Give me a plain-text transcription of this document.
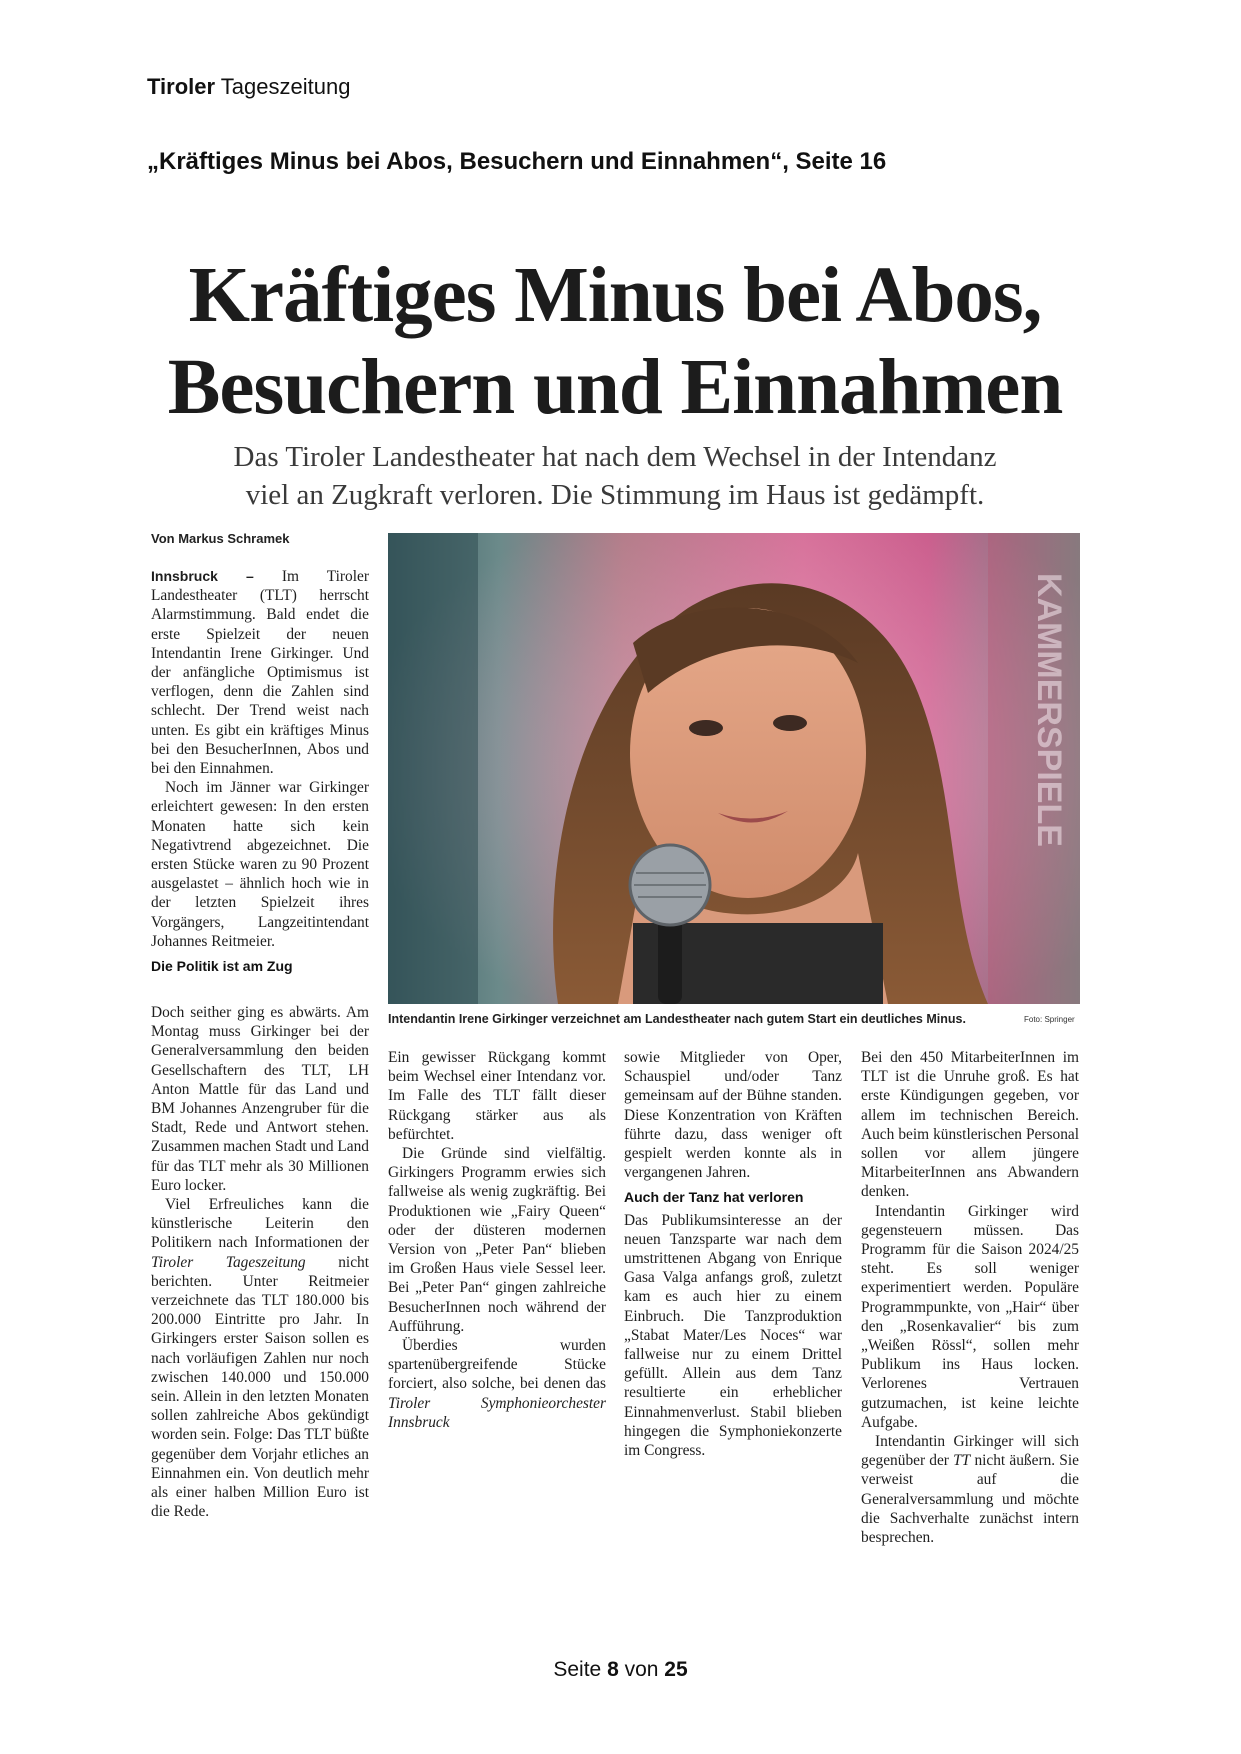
Tiroler Tageszeitung
„Kräftiges Minus bei Abos, Besuchern und Einnahmen“, Seite 16
Kräftiges Minus bei Abos,
Besuchern und Einnahmen
Das Tiroler Landestheater hat nach dem Wechsel in der Intendanz
viel an Zugkraft verloren. Die Stimmung im Haus ist gedämpft.
Von Markus Schramek

Innsbruck – Im Tiroler Landestheater (TLT) herrscht Alarmstimmung. Bald endet die erste Spielzeit der neuen Intendantin Irene Girkinger. Und der anfängliche Optimismus ist verflogen, denn die Zahlen sind schlecht. Der Trend weist nach unten. Es gibt ein kräftiges Minus bei den BesucherInnen, Abos und bei den Einnahmen.

Noch im Jänner war Girkinger erleichtert gewesen: In den ersten Monaten hatte sich kein Negativtrend abgezeichnet. Die ersten Stücke waren zu 90 Prozent ausgelastet – ähnlich hoch wie in der letzten Spielzeit ihres Vorgängers, Langzeitintendant Johannes Reitmeier.

Die Politik ist am Zug

Doch seither ging es abwärts. Am Montag muss Girkinger bei der Generalversammlung den beiden Gesellschaftern des TLT, LH Anton Mattle für das Land und BM Johannes Anzengruber für die Stadt, Rede und Antwort stehen. Zusammen machen Stadt und Land für das TLT mehr als 30 Millionen Euro locker.

Viel Erfreuliches kann die künstlerische Leiterin den Politikern nach Informationen der Tiroler Tageszeitung nicht berichten. Unter Reitmeier verzeichnete das TLT 180.000 bis 200.000 Eintritte pro Jahr. In Girkingers erster Saison sollen es nach vorläufigen Zahlen nur noch zwischen 140.000 und 150.000 sein. Allein in den letzten Monaten sollen zahlreiche Abos gekündigt worden sein. Folge: Das TLT büßte gegenüber dem Vorjahr etliches an Einnahmen ein. Von deutlich mehr als einer halben Million Euro ist die Rede.

KAMMERSPIELE
Intendantin Irene Girkinger verzeichnet am Landestheater nach gutem Start ein deutliches Minus.	Foto: Springer

Ein gewisser Rückgang kommt beim Wechsel einer Intendanz vor. Im Falle des TLT fällt dieser Rückgang stärker aus als befürchtet.

Die Gründe sind vielfältig. Girkingers Programm erwies sich fallweise als wenig zugkräftig. Bei Produktionen wie „Fairy Queen“ oder der düsteren modernen Version von „Peter Pan“ blieben im Großen Haus viele Sessel leer. Bei „Peter Pan“ gingen zahlreiche BesucherInnen noch während der Aufführung.

Überdies wurden spartenübergreifende Stücke forciert, also solche, bei denen das Tiroler Symphonieorchester Innsbruck

sowie Mitglieder von Oper, Schauspiel und/oder Tanz gemeinsam auf der Bühne standen. Diese Konzentration von Kräften führte dazu, dass weniger oft gespielt werden konnte als in vergangenen Jahren.

Auch der Tanz hat verloren

Das Publikumsinteresse an der neuen Tanzsparte war nach dem umstrittenen Abgang von Enrique Gasa Valga anfangs groß, zuletzt kam es auch hier zu einem Einbruch. Die Tanzproduktion „Stabat Mater/Les Noces“ war fallweise nur zu einem Drittel gefüllt. Allein aus dem Tanz resultierte ein erheblicher Einnahmenverlust. Stabil blieben hingegen die Symphoniekonzerte im Congress.

Bei den 450 MitarbeiterInnen im TLT ist die Unruhe groß. Es hat erste Kündigungen gegeben, vor allem im technischen Bereich. Auch beim künstlerischen Personal sollen vor allem jüngere MitarbeiterInnen ans Abwandern denken.

Intendantin Girkinger wird gegensteuern müssen. Das Programm für die Saison 2024/25 steht. Es soll weniger experimentiert werden. Populäre Programmpunkte, von „Hair“ über den „Rosenkavalier“ bis zum „Weißen Rössl“, sollen mehr Publikum ins Haus locken. Verlorenes Vertrauen gutzumachen, ist keine leichte Aufgabe.

Intendantin Girkinger will sich gegenüber der TT nicht äußern. Sie verweist auf die Generalversammlung und möchte die Sachverhalte zunächst intern besprechen.

Seite 8 von 25
